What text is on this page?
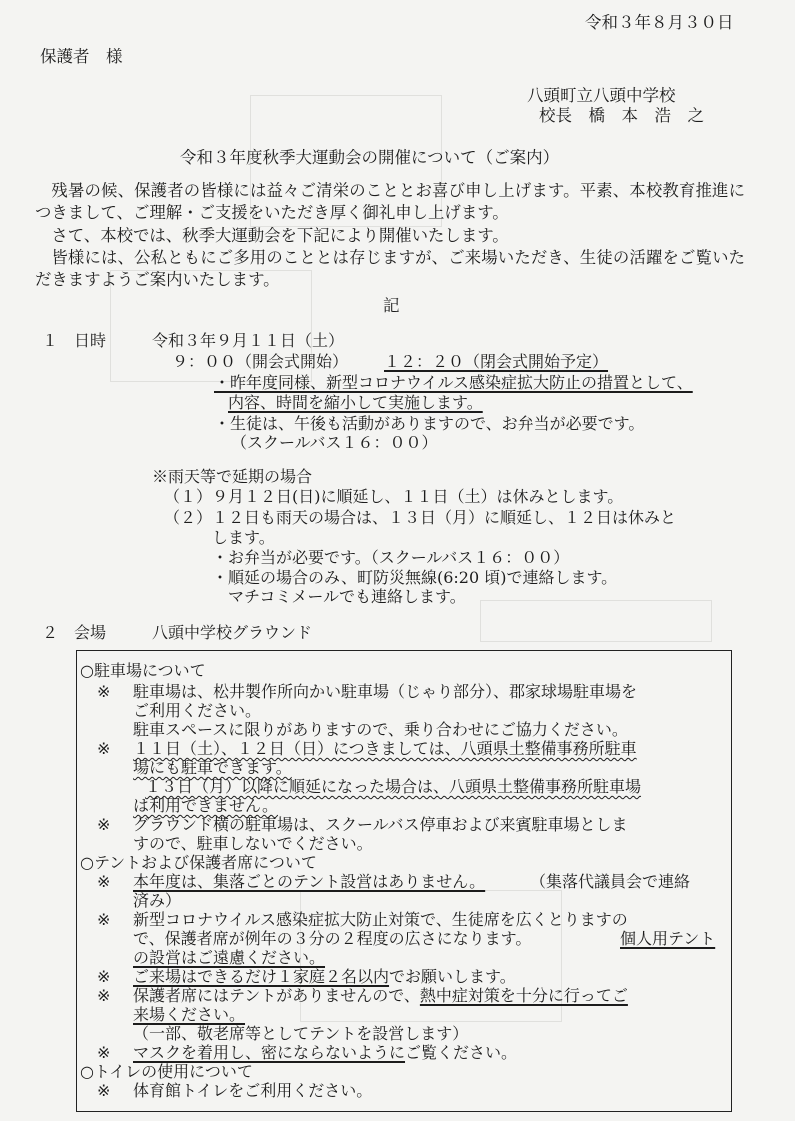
令和３年８月３０日
保護者　様
八頭町立八頭中学校
校長　橋　本　浩　之
令和３年度秋季大運動会の開催について（ご案内）

残暑の候、保護者の皆様には益々ご清栄のこととお喜び申し上げます。平素、本校教育推進につきまして、ご理解・ご支援をいただき厚く御礼申し上げます。

さて、本校では、秋季大運動会を下記により開催いたします。

皆様には、公私ともにご多用のこととは存じますが、ご来場いただき、生徒の活躍をご覧いただきますようご案内いたします。

記
１　日時	令和３年９月１１日（土）
９：００（開会式開始） １２：２０（閉会式開始予定）
・昨年度同様、新型コロナウイルス感染症拡大防止の措置として、
内容、時間を縮小して実施します。
・生徒は、午後も活動がありますので、お弁当が必要です。
（スクールバス１６：００）
※雨天等で延期の場合
（１）９月１２日(日)に順延し、１１日（土）は休みとします。
（２）１２日も雨天の場合は、１３日（月）に順延し、１２日は休みと
します。
・お弁当が必要です。（スクールバス１６：００）
・順延の場合のみ、町防災無線(6:20 頃)で連絡します。
マチコミメールでも連絡します。
２　会場	八頭中学校グラウンド
○駐車場について
※ 駐車場は、松井製作所向かい駐車場（じゃり部分）、郡家球場駐車場を
ご利用ください。
駐車スペースに限りがありますので、乗り合わせにご協力ください。
※ １１日（土）、１２日（日）につきましては、八頭県土整備事務所駐車
場にも駐車できます。
１３日（月）以降に順延になった場合は、八頭県土整備事務所駐車場
は利用できません。
※ グラウンド横の駐車場は、スクールバス停車および来賓駐車場としま
すので、駐車しないでください。
○テントおよび保護者席について
※ 本年度は、集落ごとのテント設営はありません。	（集落代議員会で連絡
済み）
※ 新型コロナウイルス感染症拡大防止対策で、生徒席を広くとりますの
で、保護者席が例年の３分の２程度の広さになります。	個人用テント
の設営はご遠慮ください。
※ ご来場はできるだけ１家庭２名以内でお願いします。
※ 保護者席にはテントがありませんので、熱中症対策を十分に行ってご
来場ください。
（一部、敬老席等としてテントを設営します）
※ マスクを着用し、密にならないようにご覧ください。
○トイレの使用について
※ 体育館トイレをご利用ください。
